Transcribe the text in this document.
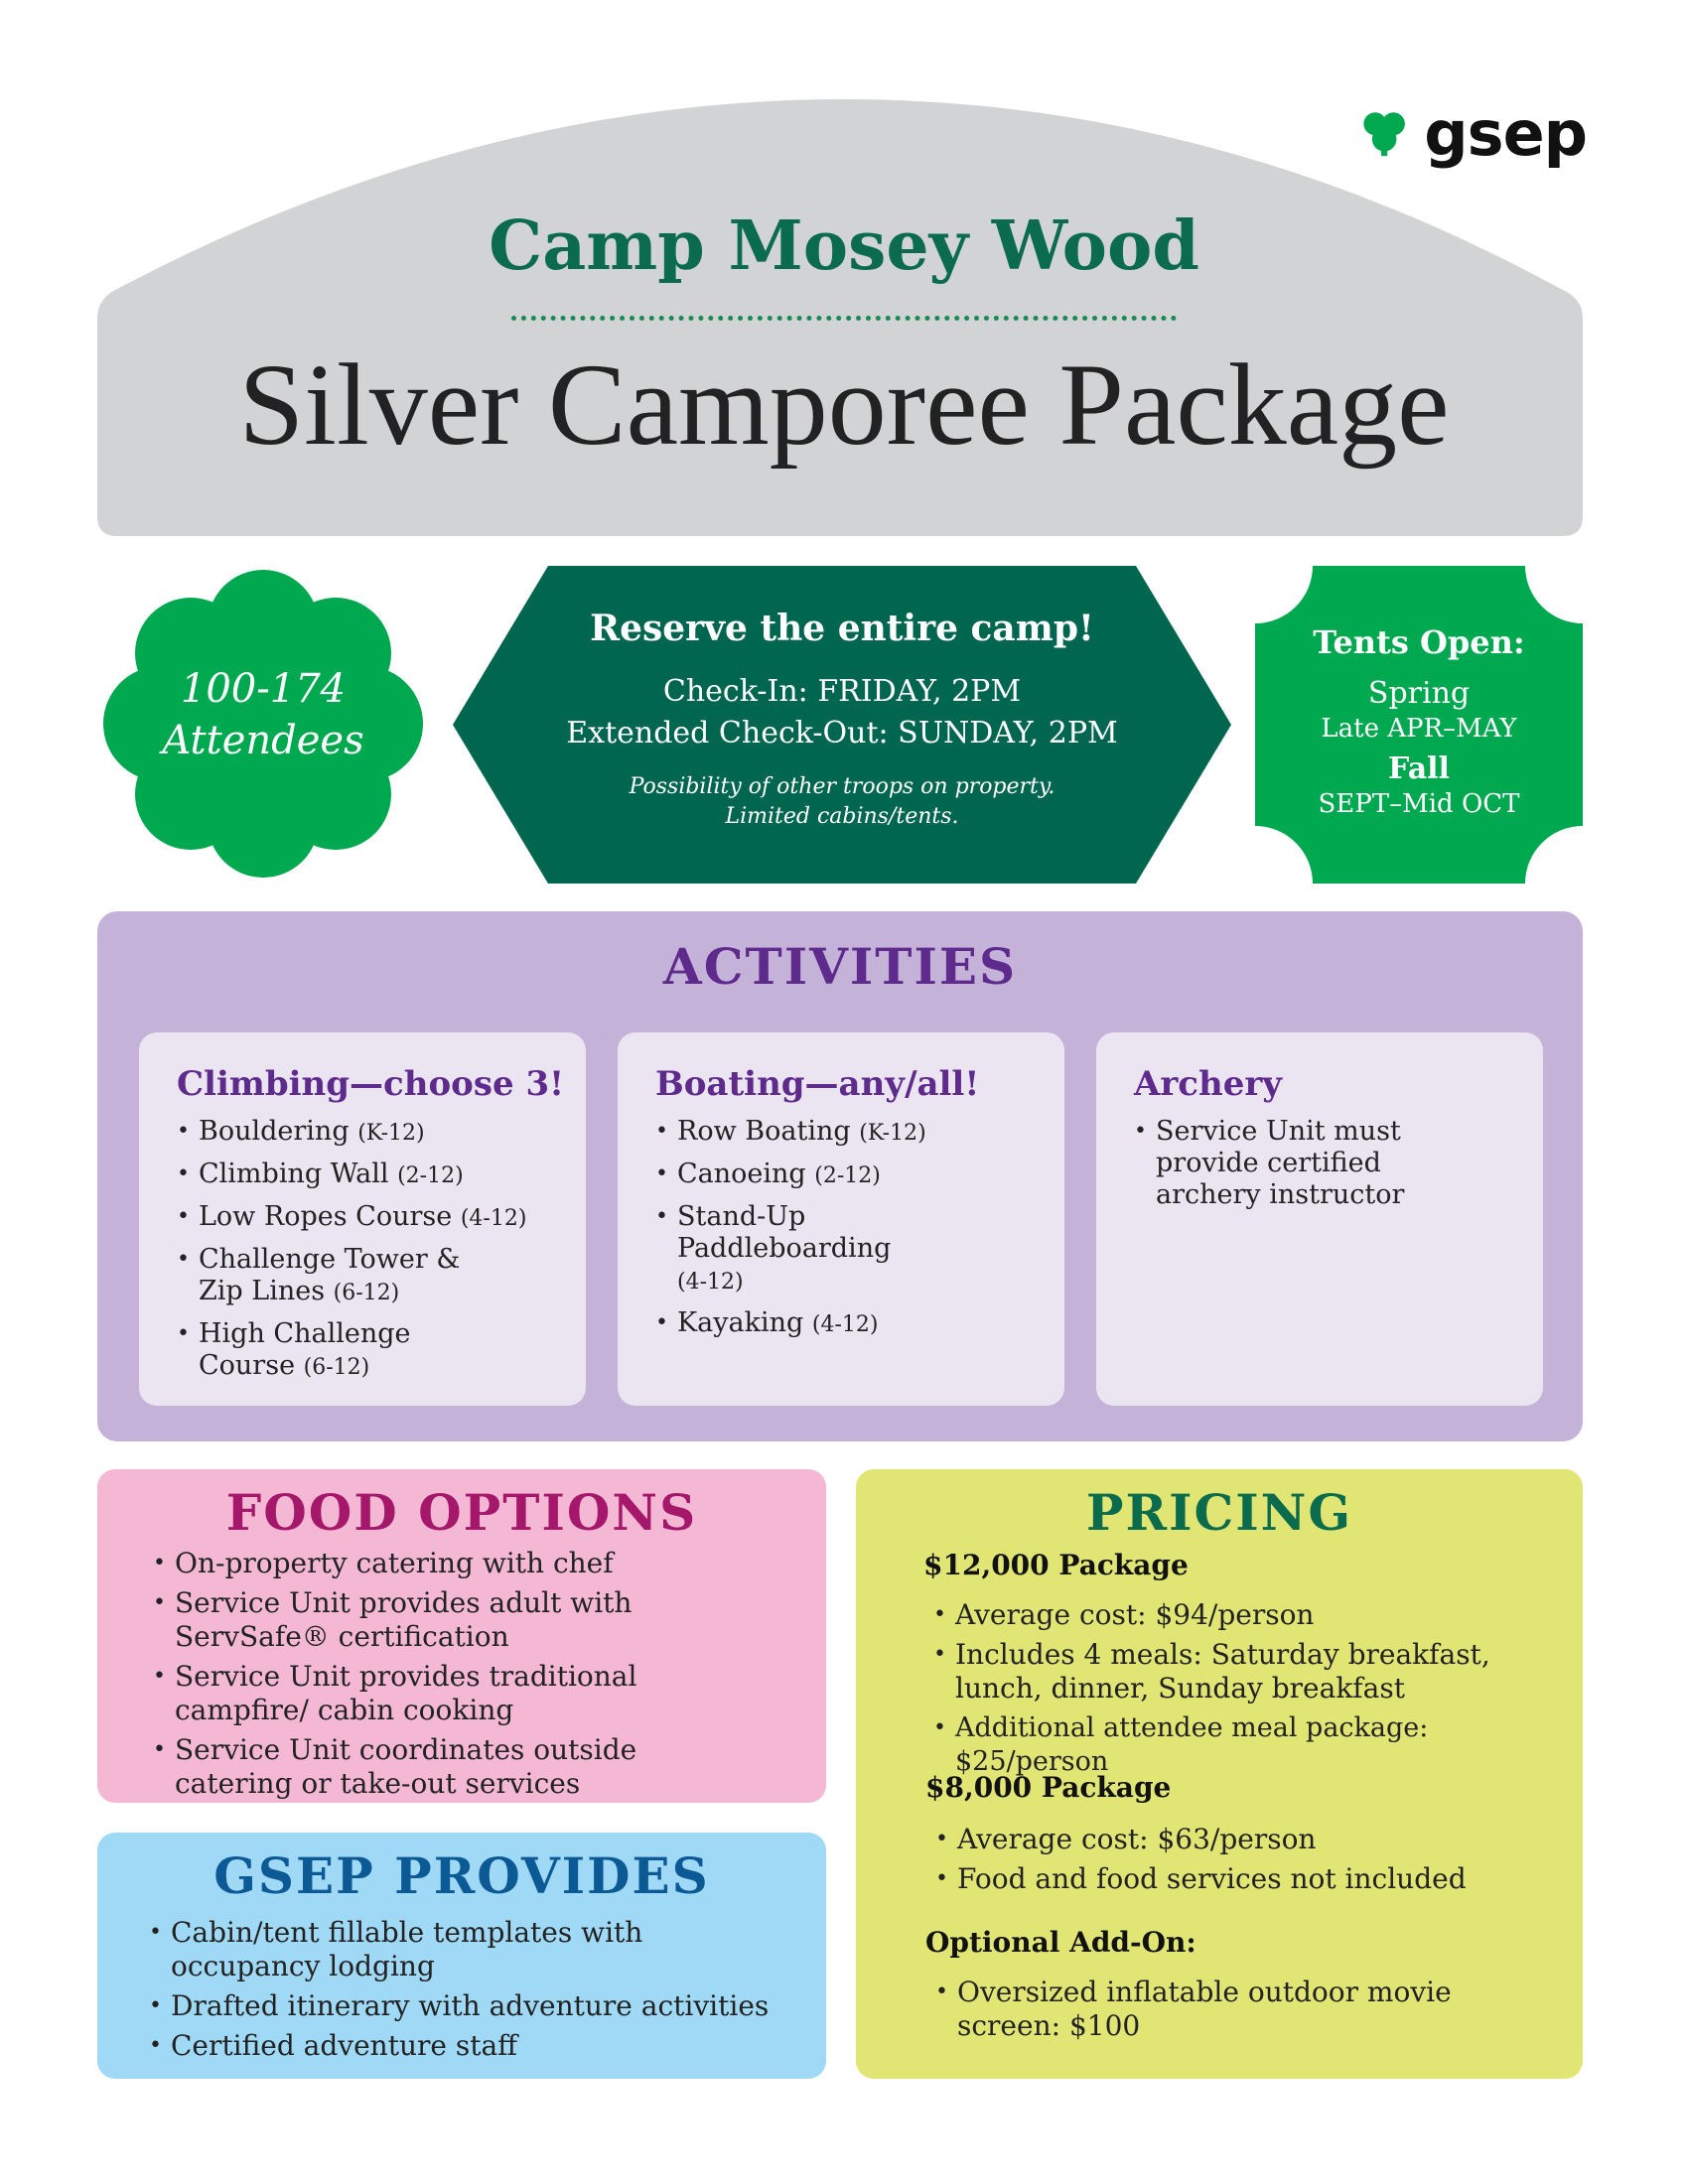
gsep
Camp Mosey Wood
Silver Camporee Package
100-174
Attendees
Reserve the entire camp!
Check-In: FRIDAY, 2PM
Extended Check-Out: SUNDAY, 2PM
Possibility of other troops on property.
Limited cabins/tents.
Tents Open:
Spring
Late APR–MAY
Fall
SEPT–Mid OCT
ACTIVITIES
Climbing—choose 3!
• Bouldering (K-12)
• Climbing Wall (2-12)
• Low Ropes Course (4-12)
• Challenge Tower & Zip Lines (6-12)
• High Challenge Course (6-12)
Boating—any/all!
• Row Boating (K-12)
• Canoeing (2-12)
• Stand-Up Paddleboarding (4-12)
• Kayaking (4-12)
Archery
• Service Unit must provide certified archery instructor
FOOD OPTIONS
• On-property catering with chef
• Service Unit provides adult with ServSafe® certification
• Service Unit provides traditional campfire/ cabin cooking
• Service Unit coordinates outside catering or take-out services
GSEP PROVIDES
• Cabin/tent fillable templates with occupancy lodging
• Drafted itinerary with adventure activities
• Certified adventure staff
PRICING
$12,000 Package
• Average cost: $94/person
• Includes 4 meals: Saturday breakfast, lunch, dinner, Sunday breakfast
• Additional attendee meal package: $25/person
$8,000 Package
• Average cost: $63/person
• Food and food services not included
Optional Add-On:
• Oversized inflatable outdoor movie screen: $100
